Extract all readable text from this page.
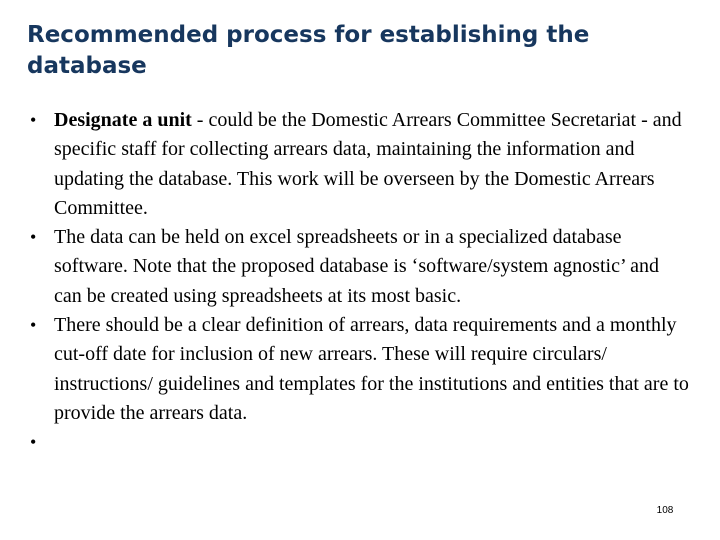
Recommended process for establishing the database
• Designate a unit - could be the Domestic Arrears Committee Secretariat - and specific staff for collecting arrears data, maintaining the information and updating the database. This work will be overseen by the Domestic Arrears Committee.
• The data can be held on excel spreadsheets or in a specialized database software. Note that the proposed database is ‘software/system agnostic’ and can be created using spreadsheets at its most basic.
• There should be a clear definition of arrears, data requirements and a monthly cut-off date for inclusion of new arrears. These will require circulars/ instructions/ guidelines and templates for the institutions and entities that are to provide the arrears data.
•
108
